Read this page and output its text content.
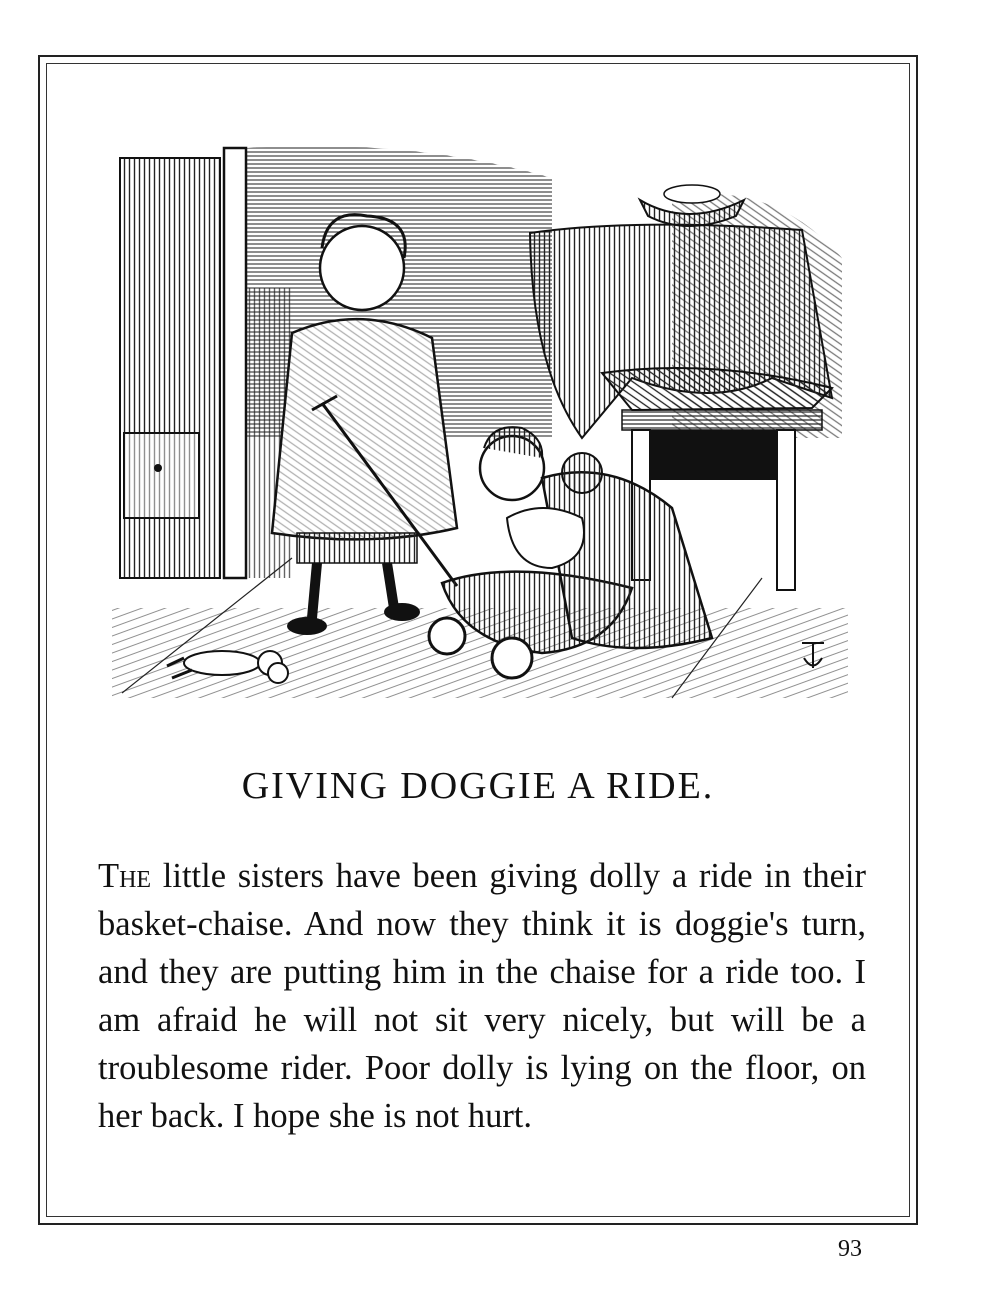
GIVING DOGGIE A RIDE.

The little sisters have been giving dolly a ride in their basket-chaise. And now they think it is doggie's turn, and they are putting him in the chaise for a ride too. I am afraid he will not sit very nicely, but will be a troublesome rider. Poor dolly is lying on the floor, on her back. I hope she is not hurt.

93
